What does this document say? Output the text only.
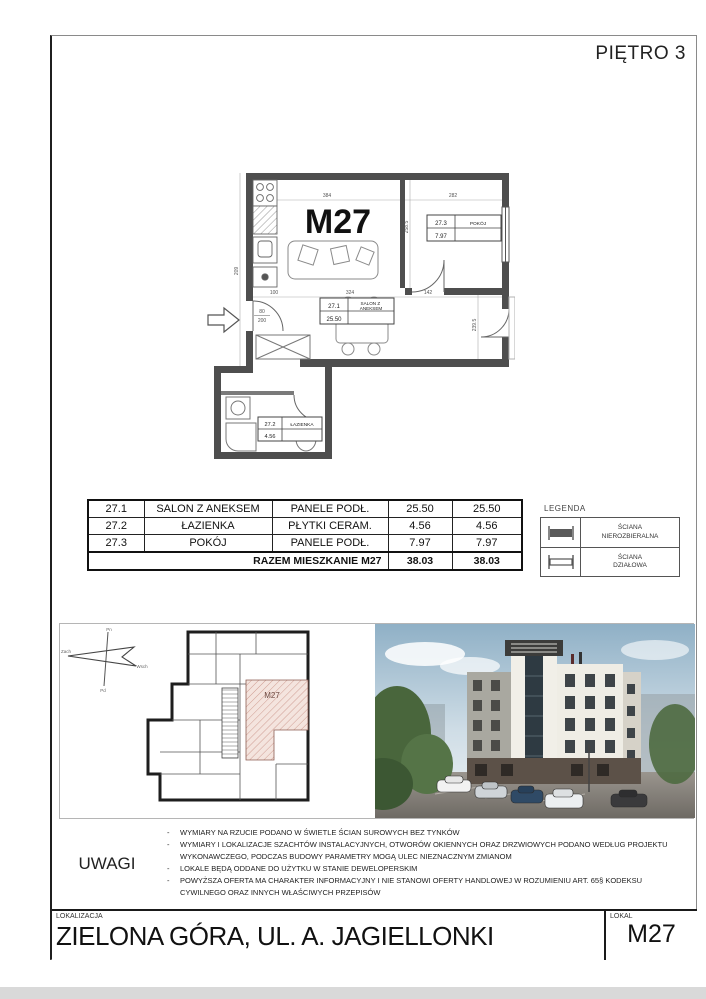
PIĘTRO 3
M27
27.1
25.50
SALON Z ANEKSEM
27.3
7.97
POKÓJ
27.2
4.56
ŁAZIENKA
384	282
100	324	142
209
258.5
239.5
80
200
27.1	SALON Z ANEKSEM	PANELE PODŁ.	25.50	25.50
27.2	ŁAZIENKA	PŁYTKI CERAM.	4.56	4.56
27.3	POKÓJ	PANELE PODŁ.	7.97	7.97
RAZEM MIESZKANIE M27			38.03	38.03
LEGENDA
ŚCIANA
NIEROZBIERALNA
ŚCIANA
DZIAŁOWA
Pn
Pd
Zach
Wsch
M27
UWAGI
- WYMIARY NA RZUCIE PODANO W ŚWIETLE ŚCIAN SUROWYCH BEZ TYNKÓW
- WYMIARY I LOKALIZACJE SZACHTÓW INSTALACYJNYCH, OTWORÓW OKIENNYCH ORAZ DRZWIOWYCH PODANO WEDŁUG PROJEKTU WYKONAWCZEGO, PODCZAS BUDOWY PARAMETRY MOGĄ ULEC NIEZNACZNYM ZMIANOM
- LOKALE BĘDĄ ODDANE DO UŻYTKU W STANIE DEWELOPERSKIM
- POWYŻSZA OFERTA MA CHARAKTER INFORMACYJNY I NIE STANOWI OFERTY HANDLOWEJ W ROZUMIENIU ART. 65§ KODEKSU CYWILNEGO ORAZ INNYCH WŁAŚCIWYCH PRZEPISÓW
LOKALIZACJA
ZIELONA GÓRA, UL. A. JAGIELLONKI
LOKAL
M27
